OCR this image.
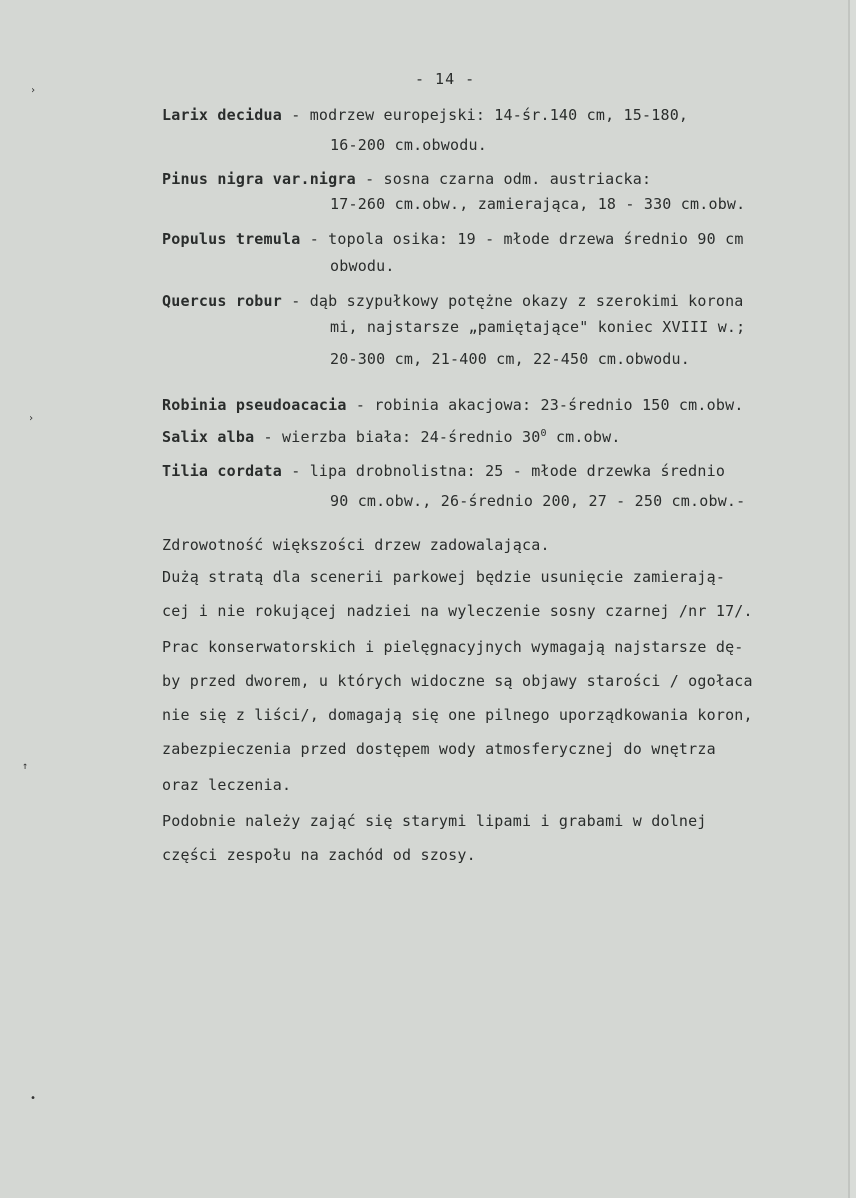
›
›
↑
•
- 14 -
Larix decidua - modrzew europejski: 14-śr.140 cm, 15-180,
16-200 cm.obwodu.
Pinus nigra var.nigra - sosna czarna odm. austriacka:
17-260 cm.obw., zamierająca, 18 - 330 cm.obw.
Populus tremula - topola osika: 19 - młode drzewa średnio 90 cm
obwodu.
Quercus robur - dąb szypułkowy potężne okazy z szerokimi korona
mi, najstarsze „pamiętające" koniec XVIII w.;
20-300 cm, 21-400 cm, 22-450 cm.obwodu.
Robinia pseudoacacia - robinia akacjowa: 23-średnio 150 cm.obw.
Salix alba - wierzba biała: 24-średnio $30^0$ cm.obw.
Tilia cordata - lipa drobnolistna: 25 - młode drzewka średnio
90 cm.obw., 26-średnio 200, 27 - 250 cm.obw.-
Zdrowotność większości drzew zadowalająca.
Dużą stratą dla scenerii parkowej będzie usunięcie zamierają-
cej i nie rokującej nadziei na wyleczenie sosny czarnej /nr 17/.
Prac konserwatorskich i pielęgnacyjnych wymagają najstarsze dę-
by przed dworem, u których widoczne są objawy starości / ogołaca
nie się z liści/, domagają się one pilnego uporządkowania koron,
zabezpieczenia przed dostępem wody atmosferycznej do wnętrza
oraz leczenia.
Podobnie należy zająć się starymi lipami i grabami w dolnej
części zespołu na zachód od szosy.
